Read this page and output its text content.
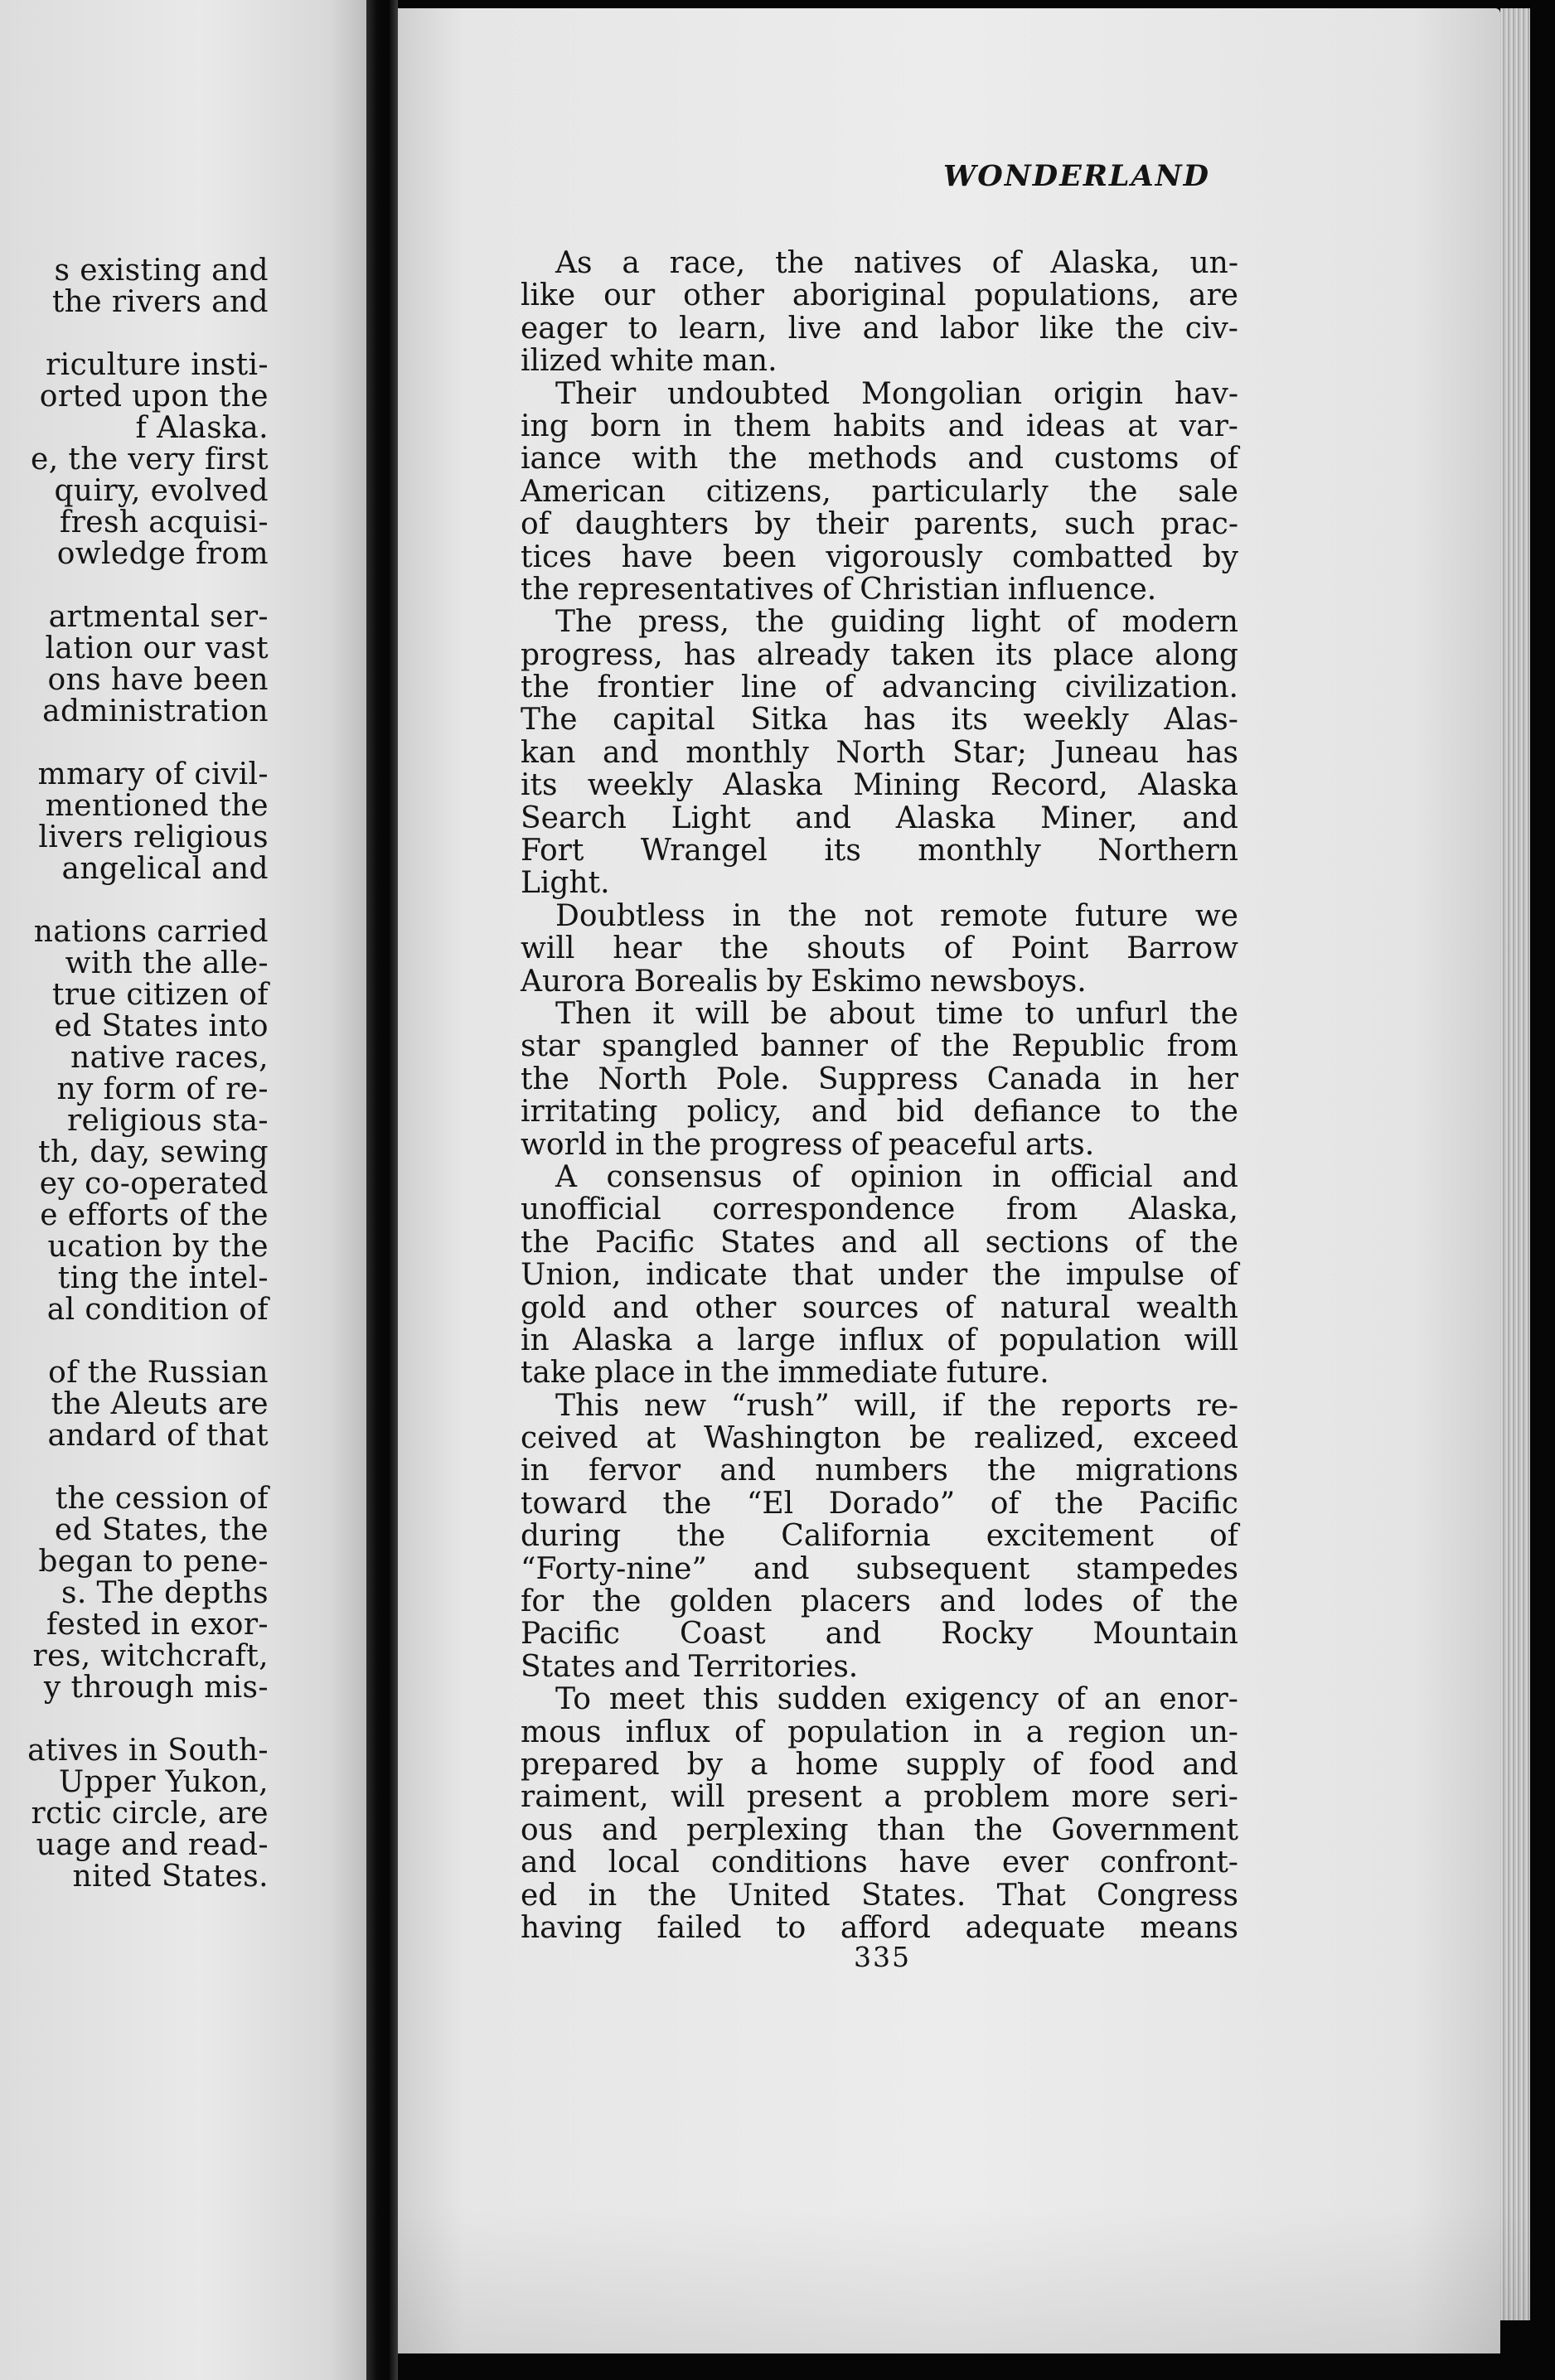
s existing and
the rivers and
riculture insti-
orted upon the
f Alaska.
e, the very first
quiry, evolved
fresh acquisi-
owledge from
artmental ser-
lation our vast
ons have been
administration
mmary of civil-
mentioned the
livers religious
angelical and
nations carried
with the alle-
true citizen of
ed States into
native races,
ny form of re-
religious sta-
th, day, sewing
ey co-operated
e efforts of the
ucation by the
ting the intel-
al condition of
of the Russian
the Aleuts are
andard of that
the cession of
ed States, the
began to pene-
s. The depths
fested in exor-
res, witchcraft,
y through mis-
atives in South-
Upper Yukon,
rctic circle, are
uage and read-
nited States.
WONDERLAND
As a race, the natives of Alaska, un-
like our other aboriginal populations, are
eager to learn, live and labor like the civ-
ilized white man.
Their undoubted Mongolian origin hav-
ing born in them habits and ideas at var-
iance with the methods and customs of
American citizens, particularly the sale
of daughters by their parents, such prac-
tices have been vigorously combatted by
the representatives of Christian influence.
The press, the guiding light of modern
progress, has already taken its place along
the frontier line of advancing civilization.
The capital Sitka has its weekly Alas-
kan and monthly North Star; Juneau has
its weekly Alaska Mining Record, Alaska
Search Light and Alaska Miner, and
Fort Wrangel its monthly Northern
Light.
Doubtless in the not remote future we
will hear the shouts of Point Barrow
Aurora Borealis by Eskimo newsboys.
Then it will be about time to unfurl the
star spangled banner of the Republic from
the North Pole. Suppress Canada in her
irritating policy, and bid defiance to the
world in the progress of peaceful arts.
A consensus of opinion in official and
unofficial correspondence from Alaska,
the Pacific States and all sections of the
Union, indicate that under the impulse of
gold and other sources of natural wealth
in Alaska a large influx of population will
take place in the immediate future.
This new “rush” will, if the reports re-
ceived at Washington be realized, exceed
in fervor and numbers the migrations
toward the “El Dorado” of the Pacific
during the California excitement of
“Forty-nine” and subsequent stampedes
for the golden placers and lodes of the
Pacific Coast and Rocky Mountain
States and Territories.
To meet this sudden exigency of an enor-
mous influx of population in a region un-
prepared by a home supply of food and
raiment, will present a problem more seri-
ous and perplexing than the Government
and local conditions have ever confront-
ed in the United States. That Congress
having failed to afford adequate means
335
